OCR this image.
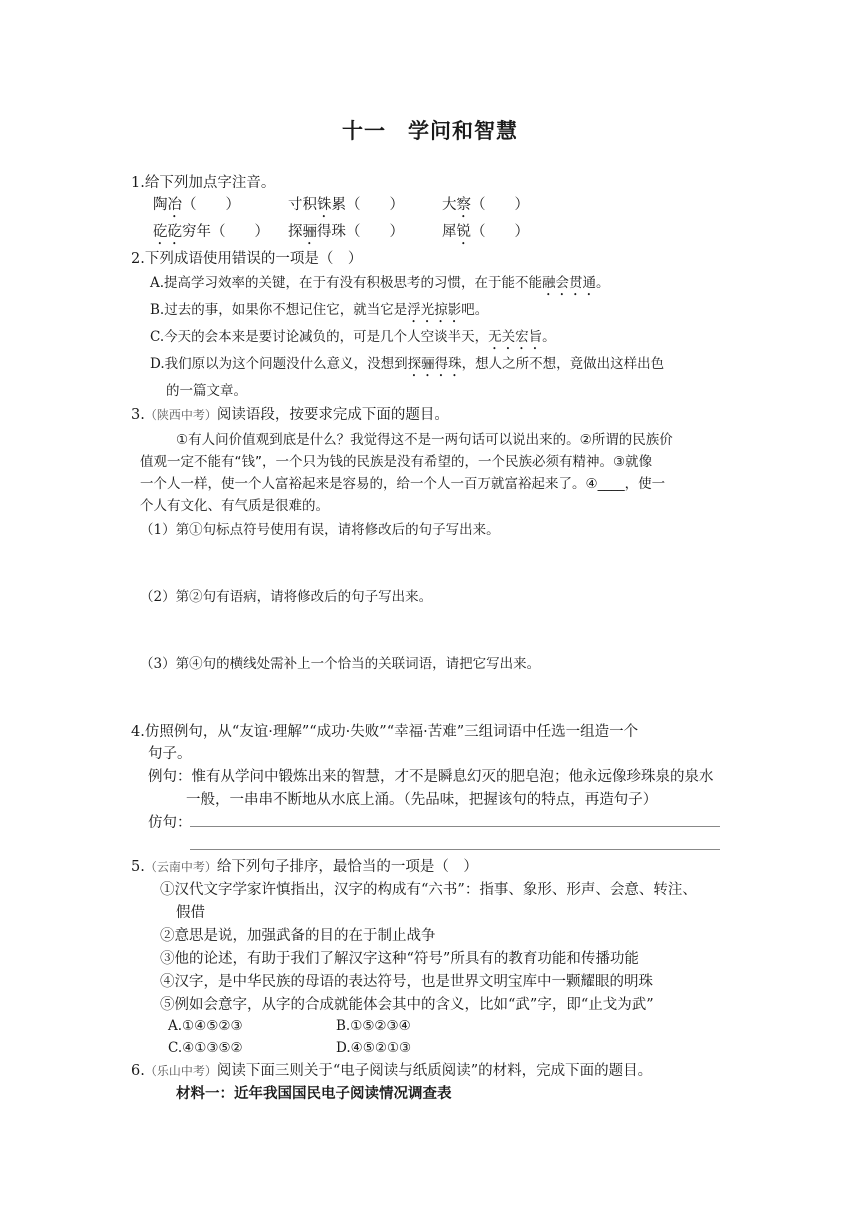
十一　学问和智慧
1.给下列加点字注音。
陶冶（　　）	寸积铢累（　　）	大察（　　）
矻矻穷年（　　） 探骊得珠（　　）	犀锐（　　）
2.下列成语使用错误的一项是（　）
A.提高学习效率的关键，在于有没有积极思考的习惯，在于能不能融会贯通。
B.过去的事，如果你不想记住它，就当它是浮光掠影吧。
C.今天的会本来是要讨论减负的，可是几个人空谈半天，无关宏旨。
D.我们原以为这个问题没什么意义，没想到探骊得珠，想人之所不想，竟做出这样出色
的一篇文章。
3.（陕西中考）阅读语段，按要求完成下面的题目。
①有人问价值观到底是什么？我觉得这不是一两句话可以说出来的。②所谓的民族价
值观一定不能有“钱”，一个只为钱的民族是没有希望的，一个民族必须有精神。③就像
一个人一样，使一个人富裕起来是容易的，给一个人一百万就富裕起来了。④____，使一
个人有文化、有气质是很难的。
（1）第①句标点符号使用有误，请将修改后的句子写出来。
（2）第②句有语病，请将修改后的句子写出来。
（3）第④句的横线处需补上一个恰当的关联词语，请把它写出来。
4.仿照例句，从“友谊·理解”“成功·失败”“幸福·苦难”三组词语中任选一组造一个
句子。
例句：惟有从学问中锻炼出来的智慧，才不是瞬息幻灭的肥皂泡；他永远像珍珠泉的泉水
一般，一串串不断地从水底上涌。（先品味，把握该句的特点，再造句子）
仿句：
5.（云南中考）给下列句子排序，最恰当的一项是（　）
①汉代文字学家许慎指出，汉字的构成有“六书”：指事、象形、形声、会意、转注、
假借
②意思是说，加强武备的目的在于制止战争
③他的论述，有助于我们了解汉字这种“符号”所具有的教育功能和传播功能
④汉字，是中华民族的母语的表达符号，也是世界文明宝库中一颗耀眼的明珠
⑤例如会意字，从字的合成就能体会其中的含义，比如“武”字，即“止戈为武”
A.①④⑤②③	B.①⑤②③④
C.④①③⑤②	D.④⑤②①③
6.（乐山中考）阅读下面三则关于“电子阅读与纸质阅读”的材料，完成下面的题目。
材料一：近年我国国民电子阅读情况调查表
